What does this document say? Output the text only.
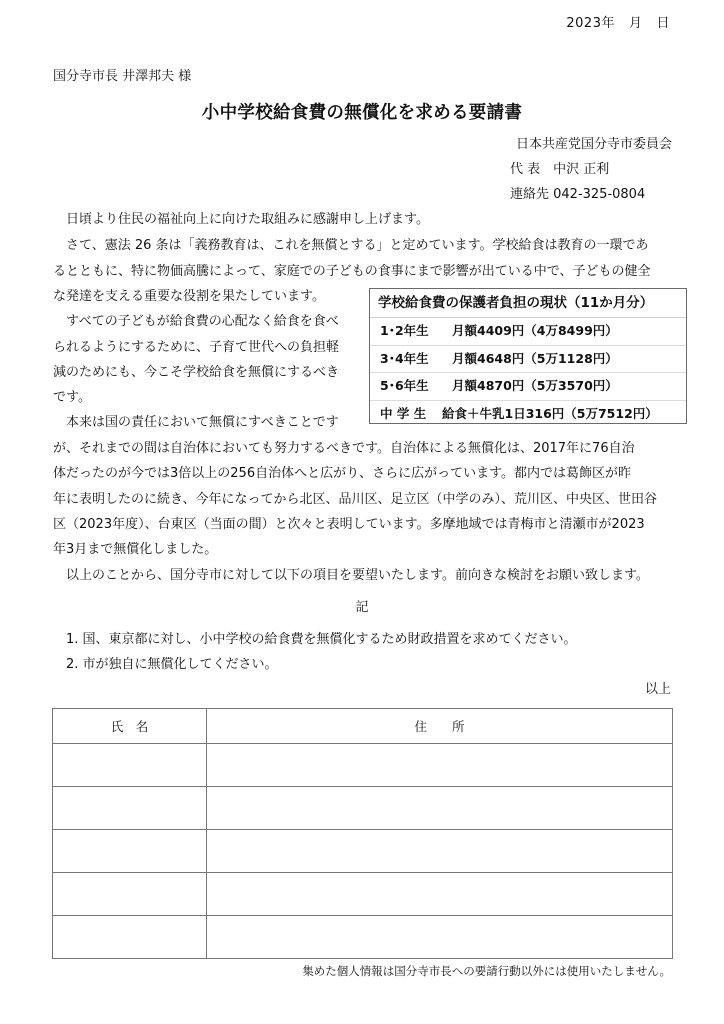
2023年 月 日
国分寺市長 井澤邦夫 様
小中学校給食費の無償化を求める要請書
日本共産党国分寺市委員会
代 表　中沢 正利
連絡先 042-325-0804
　日頃より住民の福祉向上に向けた取組みに感謝申し上げます。
　さて、憲法 26 条は「義務教育は、これを無償とする」と定めています。学校給食は教育の一環であ
るとともに、特に物価高騰によって、家庭での子どもの食事にまで影響が出ている中で、子どもの健全
な発達を支える重要な役割を果たしています。
　すべての子どもが給食費の心配なく給食を食べ
られるようにするために、子育て世代への負担軽
減のためにも、今こそ学校給食を無償にするべき
です。
　本来は国の責任において無償にすべきことです
が、それまでの間は自治体においても努力するべきです。自治体による無償化は、2017年に76自治
体だったのが今では3倍以上の256自治体へと広がり、さらに広がっています。都内では葛飾区が昨
年に表明したのに続き、今年になってから北区、品川区、足立区（中学のみ）、荒川区、中央区、世田谷
区（2023年度）、台東区（当面の間）と次々と表明しています。多摩地域では青梅市と清瀬市が2023
年3月まで無償化しました。
　以上のことから、国分寺市に対して以下の項目を要望いたします。前向きな検討をお願い致します。
学校給食費の保護者負担の現状（11か月分）
1･2年生 月額4409円（4万8499円）
3･4年生 月額4648円（5万1128円）
5･6年生 月額4870円（5万3570円）
中 学 生 給食＋牛乳1日316円（5万7512円）
記
1. 国、東京都に対し、小中学校の給食費を無償化するため財政措置を求めてください。
2. 市が独自に無償化してください。
以上
氏　名	住　　所

集めた個人情報は国分寺市長への要請行動以外には使用いたしません。
